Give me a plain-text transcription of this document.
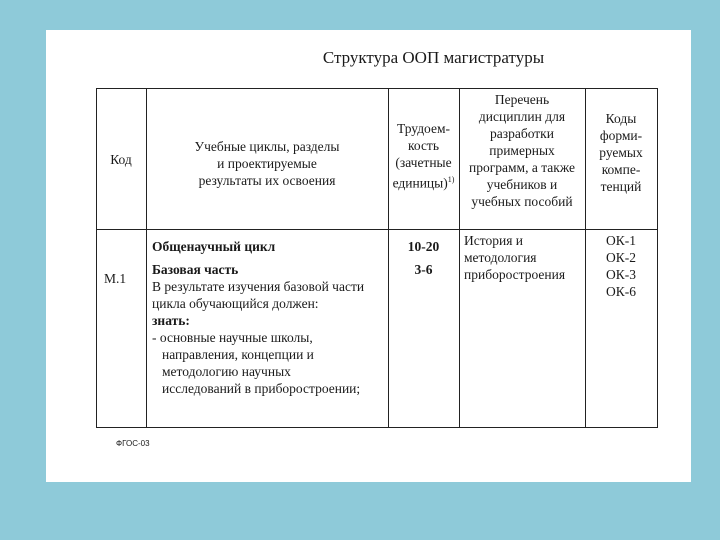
Структура ООП магистратуры
Код
Учебные циклы, разделы
и проектируемые
результаты их освоения
Трудоем-
кость
(зачетные
единицы)$^{1)}$
Перечень
дисциплин для
разработки
примерных
программ, а также
учебников и
учебных пособий
Коды
форми-
руемых
компе-
тенций
М.1
Общенаучный цикл
Базовая часть
В результате изучения базовой части
цикла обучающийся должен:
знать:
- основные научные школы,
направления, концепции и
методологию научных
исследований в приборостроении;
10-20
3-6
История и
методология
приборостроения
ОК-1
ОК-2
ОК-3
ОК-6
ФГОС-03
